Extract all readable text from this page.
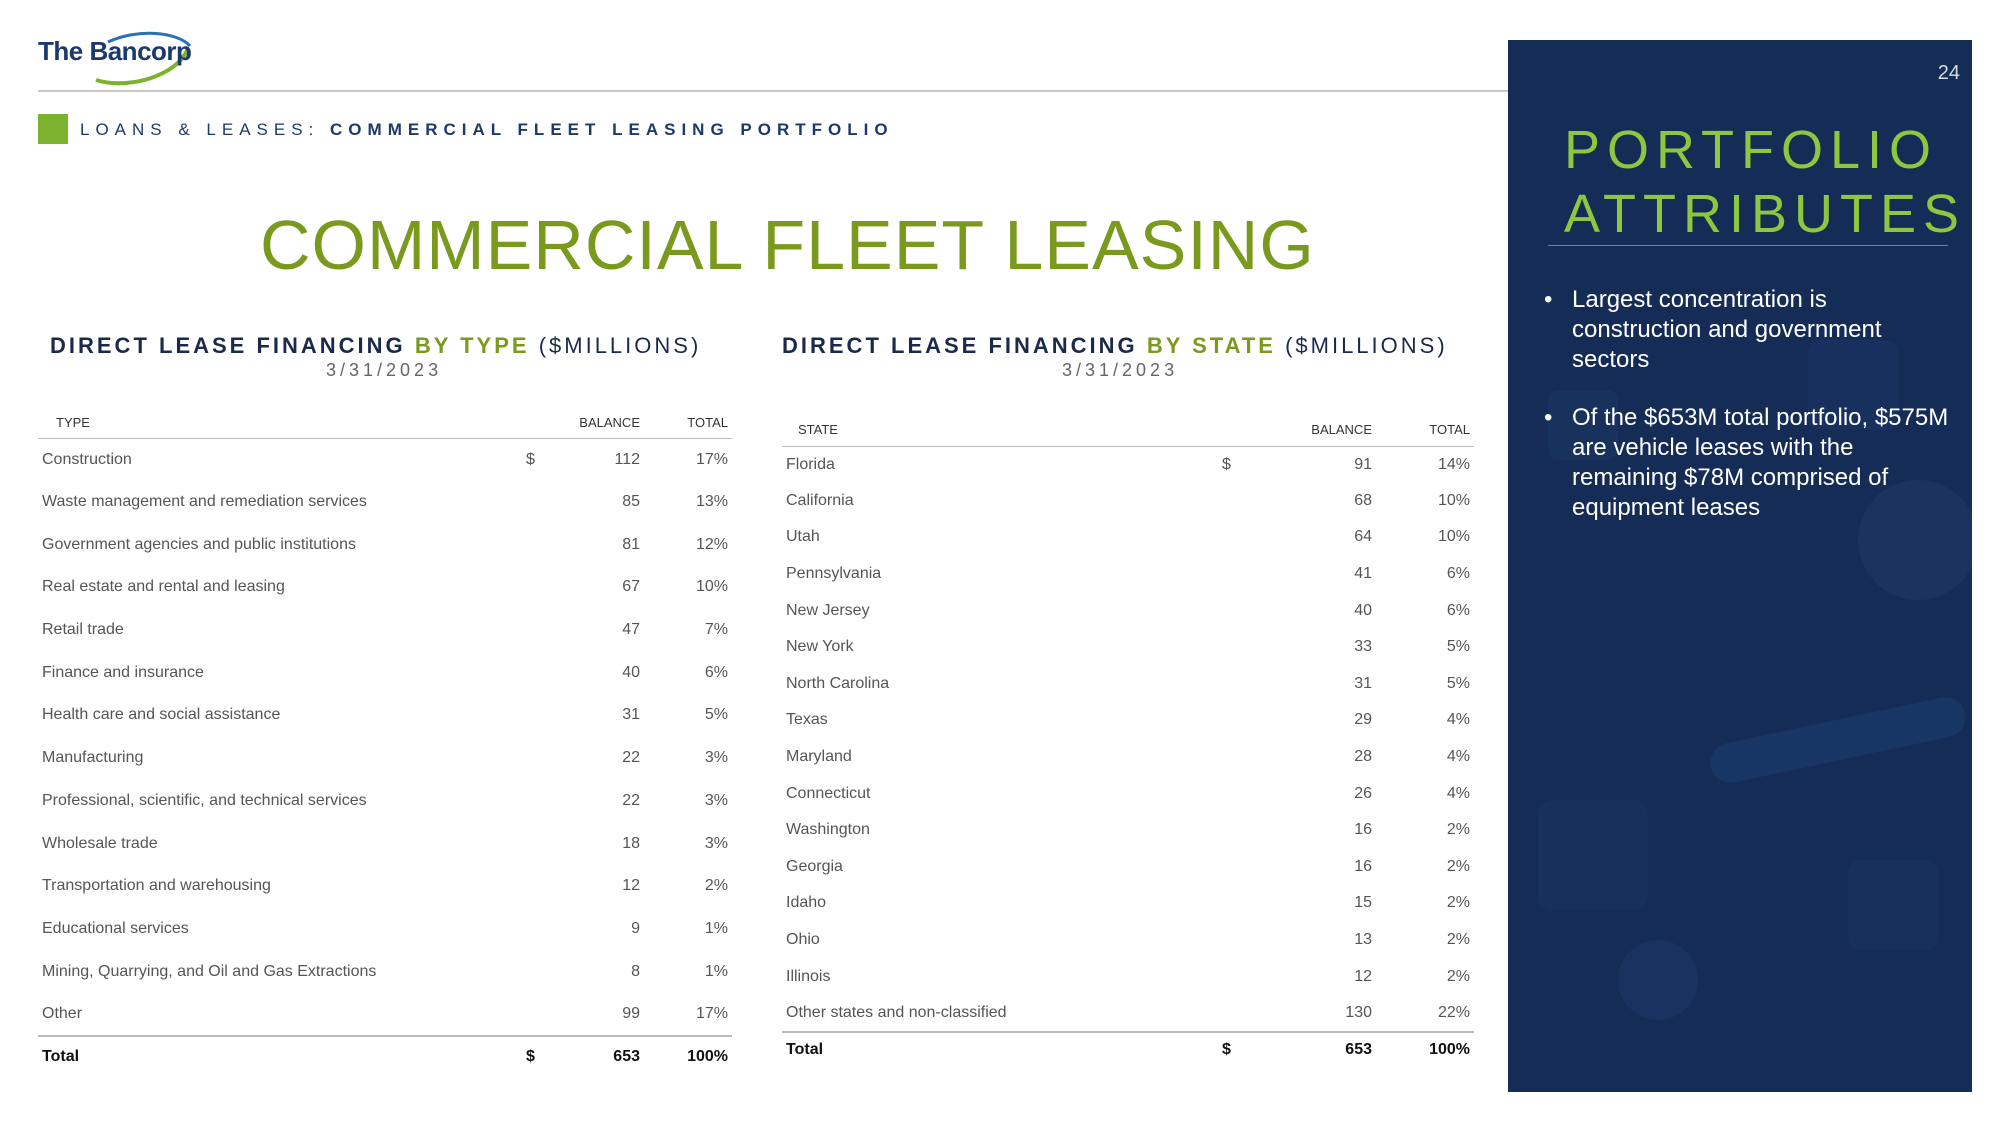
The Bancorp
LOANS & LEASES: COMMERCIAL FLEET LEASING PORTFOLIO
COMMERCIAL FLEET LEASING
DIRECT LEASE FINANCING BY TYPE ($MILLIONS)
3/31/2023
TYPE		BALANCE	TOTAL
Construction	$	112	17%
Waste management and remediation services		85	13%
Government agencies and public institutions		81	12%
Real estate and rental and leasing		67	10%
Retail trade		47	7%
Finance and insurance		40	6%
Health care and social assistance		31	5%
Manufacturing		22	3%
Professional, scientific, and technical services		22	3%
Wholesale trade		18	3%
Transportation and warehousing		12	2%
Educational services		9	1%
Mining, Quarrying, and Oil and Gas Extractions		8	1%
Other		99	17%
Total	$	653	100%
DIRECT LEASE FINANCING BY STATE ($MILLIONS)
3/31/2023
STATE		BALANCE	TOTAL
Florida	$	91	14%
California		68	10%
Utah		64	10%
Pennsylvania		41	6%
New Jersey		40	6%
New York		33	5%
North Carolina		31	5%
Texas		29	4%
Maryland		28	4%
Connecticut		26	4%
Washington		16	2%
Georgia		16	2%
Idaho		15	2%
Ohio		13	2%
Illinois		12	2%
Other states and non-classified		130	22%
Total	$	653	100%
24
PORTFOLIO
ATTRIBUTES
• Largest concentration is construction and government sectors
• Of the $653M total portfolio, $575M are vehicle leases with the remaining $78M comprised of equipment leases
